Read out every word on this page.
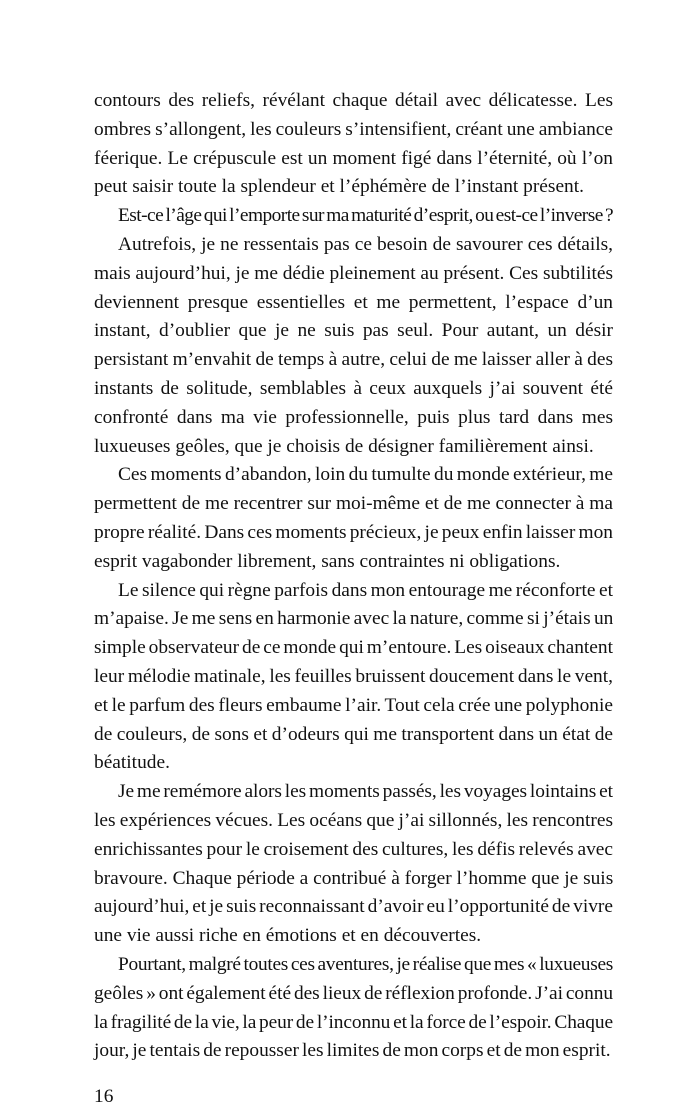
contours des reliefs, révélant chaque détail avec délicatesse. Les
ombres s’allongent, les couleurs s’intensifient, créant une ambiance
féerique. Le crépuscule est un moment figé dans l’éternité, où l’on
peut saisir toute la splendeur et l’éphémère de l’instant présent.
Est-ce l’âge qui l’emporte sur ma maturité d’esprit, ou est-ce l’inverse ?
Autrefois, je ne ressentais pas ce besoin de savourer ces détails,
mais aujourd’hui, je me dédie pleinement au présent. Ces subtilités
deviennent presque essentielles et me permettent, l’espace d’un
instant, d’oublier que je ne suis pas seul. Pour autant, un désir
persistant m’envahit de temps à autre, celui de me laisser aller à des
instants de solitude, semblables à ceux auxquels j’ai souvent été
confronté dans ma vie professionnelle, puis plus tard dans mes
luxueuses geôles, que je choisis de désigner familièrement ainsi.
Ces moments d’abandon, loin du tumulte du monde extérieur, me
permettent de me recentrer sur moi-même et de me connecter à ma
propre réalité. Dans ces moments précieux, je peux enfin laisser mon
esprit vagabonder librement, sans contraintes ni obligations.
Le silence qui règne parfois dans mon entourage me réconforte et
m’apaise. Je me sens en harmonie avec la nature, comme si j’étais un
simple observateur de ce monde qui m’entoure. Les oiseaux chantent
leur mélodie matinale, les feuilles bruissent doucement dans le vent,
et le parfum des fleurs embaume l’air. Tout cela crée une polyphonie
de couleurs, de sons et d’odeurs qui me transportent dans un état de
béatitude.
Je me remémore alors les moments passés, les voyages lointains et
les expériences vécues. Les océans que j’ai sillonnés, les rencontres
enrichissantes pour le croisement des cultures, les défis relevés avec
bravoure. Chaque période a contribué à forger l’homme que je suis
aujourd’hui, et je suis reconnaissant d’avoir eu l’opportunité de vivre
une vie aussi riche en émotions et en découvertes.
Pourtant, malgré toutes ces aventures, je réalise que mes « luxueuses
geôles » ont également été des lieux de réflexion profonde. J’ai connu
la fragilité de la vie, la peur de l’inconnu et la force de l’espoir. Chaque
jour, je tentais de repousser les limites de mon corps et de mon esprit.
16
